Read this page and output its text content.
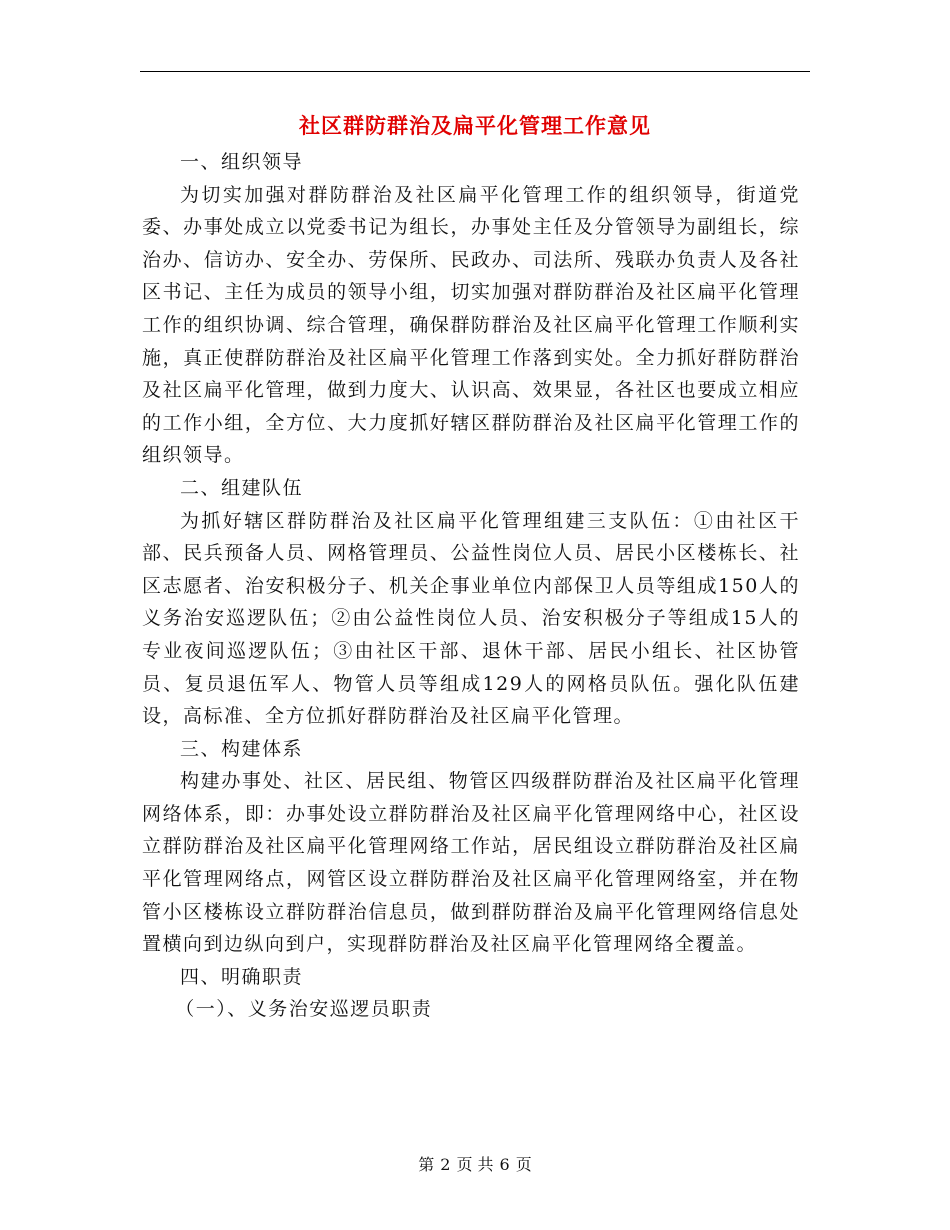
社区群防群治及扁平化管理工作意见

一、组织领导

为切实加强对群防群治及社区扁平化管理工作的组织领导，街道党委、办事处成立以党委书记为组长，办事处主任及分管领导为副组长，综治办、信访办、安全办、劳保所、民政办、司法所、残联办负责人及各社区书记、主任为成员的领导小组，切实加强对群防群治及社区扁平化管理工作的组织协调、综合管理，确保群防群治及社区扁平化管理工作顺利实施，真正使群防群治及社区扁平化管理工作落到实处。全力抓好群防群治及社区扁平化管理，做到力度大、认识高、效果显，各社区也要成立相应的工作小组，全方位、大力度抓好辖区群防群治及社区扁平化管理工作的组织领导。

二、组建队伍

为抓好辖区群防群治及社区扁平化管理组建三支队伍：①由社区干部、民兵预备人员、网格管理员、公益性岗位人员、居民小区楼栋长、社区志愿者、治安积极分子、机关企事业单位内部保卫人员等组成150人的义务治安巡逻队伍；②由公益性岗位人员、治安积极分子等组成15人的专业夜间巡逻队伍；③由社区干部、退休干部、居民小组长、社区协管员、复员退伍军人、物管人员等组成129人的网格员队伍。强化队伍建设，高标准、全方位抓好群防群治及社区扁平化管理。

三、构建体系

构建办事处、社区、居民组、物管区四级群防群治及社区扁平化管理网络体系，即：办事处设立群防群治及社区扁平化管理网络中心，社区设立群防群治及社区扁平化管理网络工作站，居民组设立群防群治及社区扁平化管理网络点，网管区设立群防群治及社区扁平化管理网络室，并在物管小区楼栋设立群防群治信息员，做到群防群治及扁平化管理网络信息处置横向到边纵向到户，实现群防群治及社区扁平化管理网络全覆盖。

四、明确职责

（一）、义务治安巡逻员职责

第 2 页 共 6 页
